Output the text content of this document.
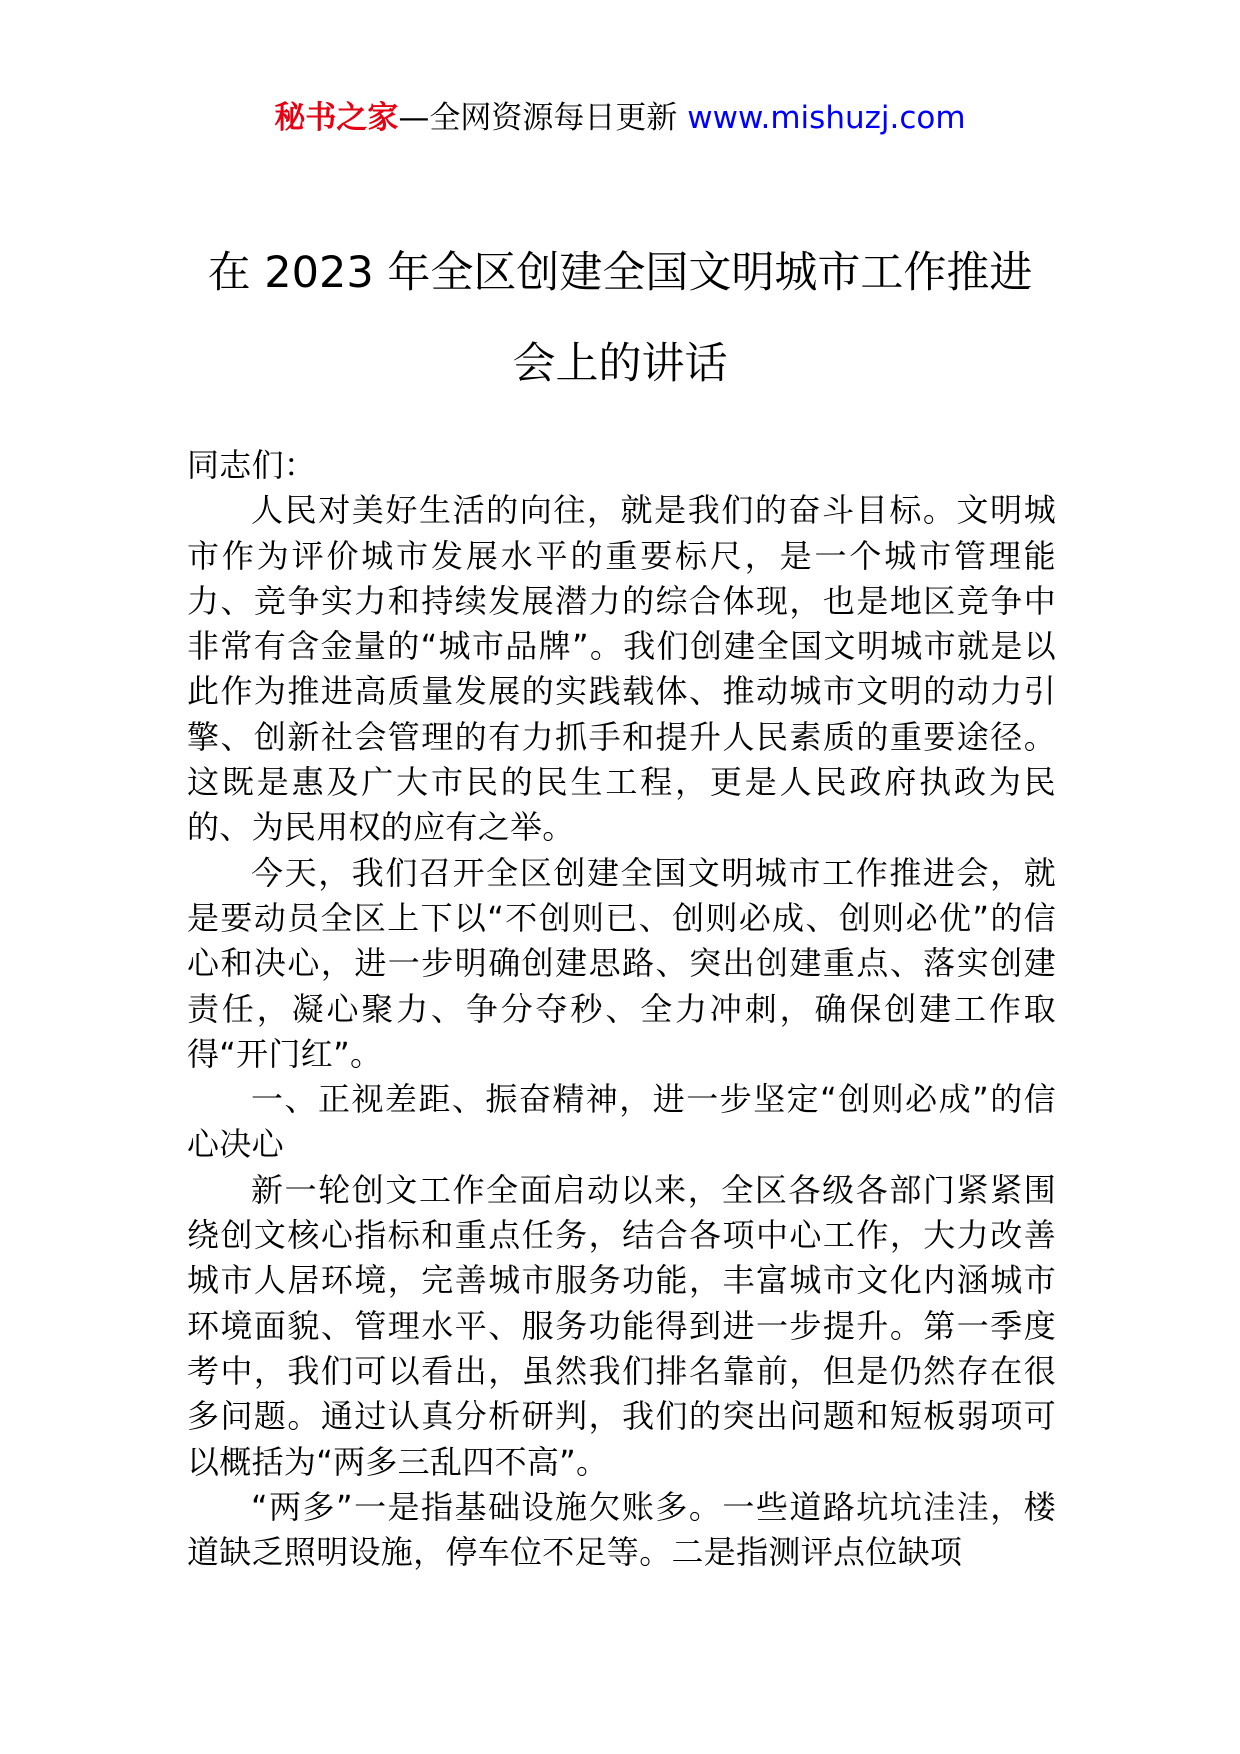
秘书之家—全网资源每日更新 www.mishuzj.com
在 2023 年全区创建全国文明城市工作推进
会上的讲话

同志们：

人民对美好生活的向往，就是我们的奋斗目标。文明城市作为评价城市发展水平的重要标尺，是一个城市管理能力、竞争实力和持续发展潜力的综合体现，也是地区竞争中非常有含金量的“城市品牌”。我们创建全国文明城市就是以此作为推进高质量发展的实践载体、推动城市文明的动力引擎、创新社会管理的有力抓手和提升人民素质的重要途径。这既是惠及广大市民的民生工程，更是人民政府执政为民的、为民用权的应有之举。

今天，我们召开全区创建全国文明城市工作推进会，就是要动员全区上下以“不创则已、创则必成、创则必优”的信心和决心，进一步明确创建思路、突出创建重点、落实创建责任，凝心聚力、争分夺秒、全力冲刺，确保创建工作取得“开门红”。

一、正视差距、振奋精神，进一步坚定“创则必成”的信心决心

新一轮创文工作全面启动以来，全区各级各部门紧紧围绕创文核心指标和重点任务，结合各项中心工作，大力改善城市人居环境，完善城市服务功能，丰富城市文化内涵城市环境面貌、管理水平、服务功能得到进一步提升。第一季度考中，我们可以看出，虽然我们排名靠前，但是仍然存在很多问题。通过认真分析研判，我们的突出问题和短板弱项可以概括为“两多三乱四不高”。

“两多”一是指基础设施欠账多。一些道路坑坑洼洼，楼道缺乏照明设施，停车位不足等。二是指测评点位缺项
